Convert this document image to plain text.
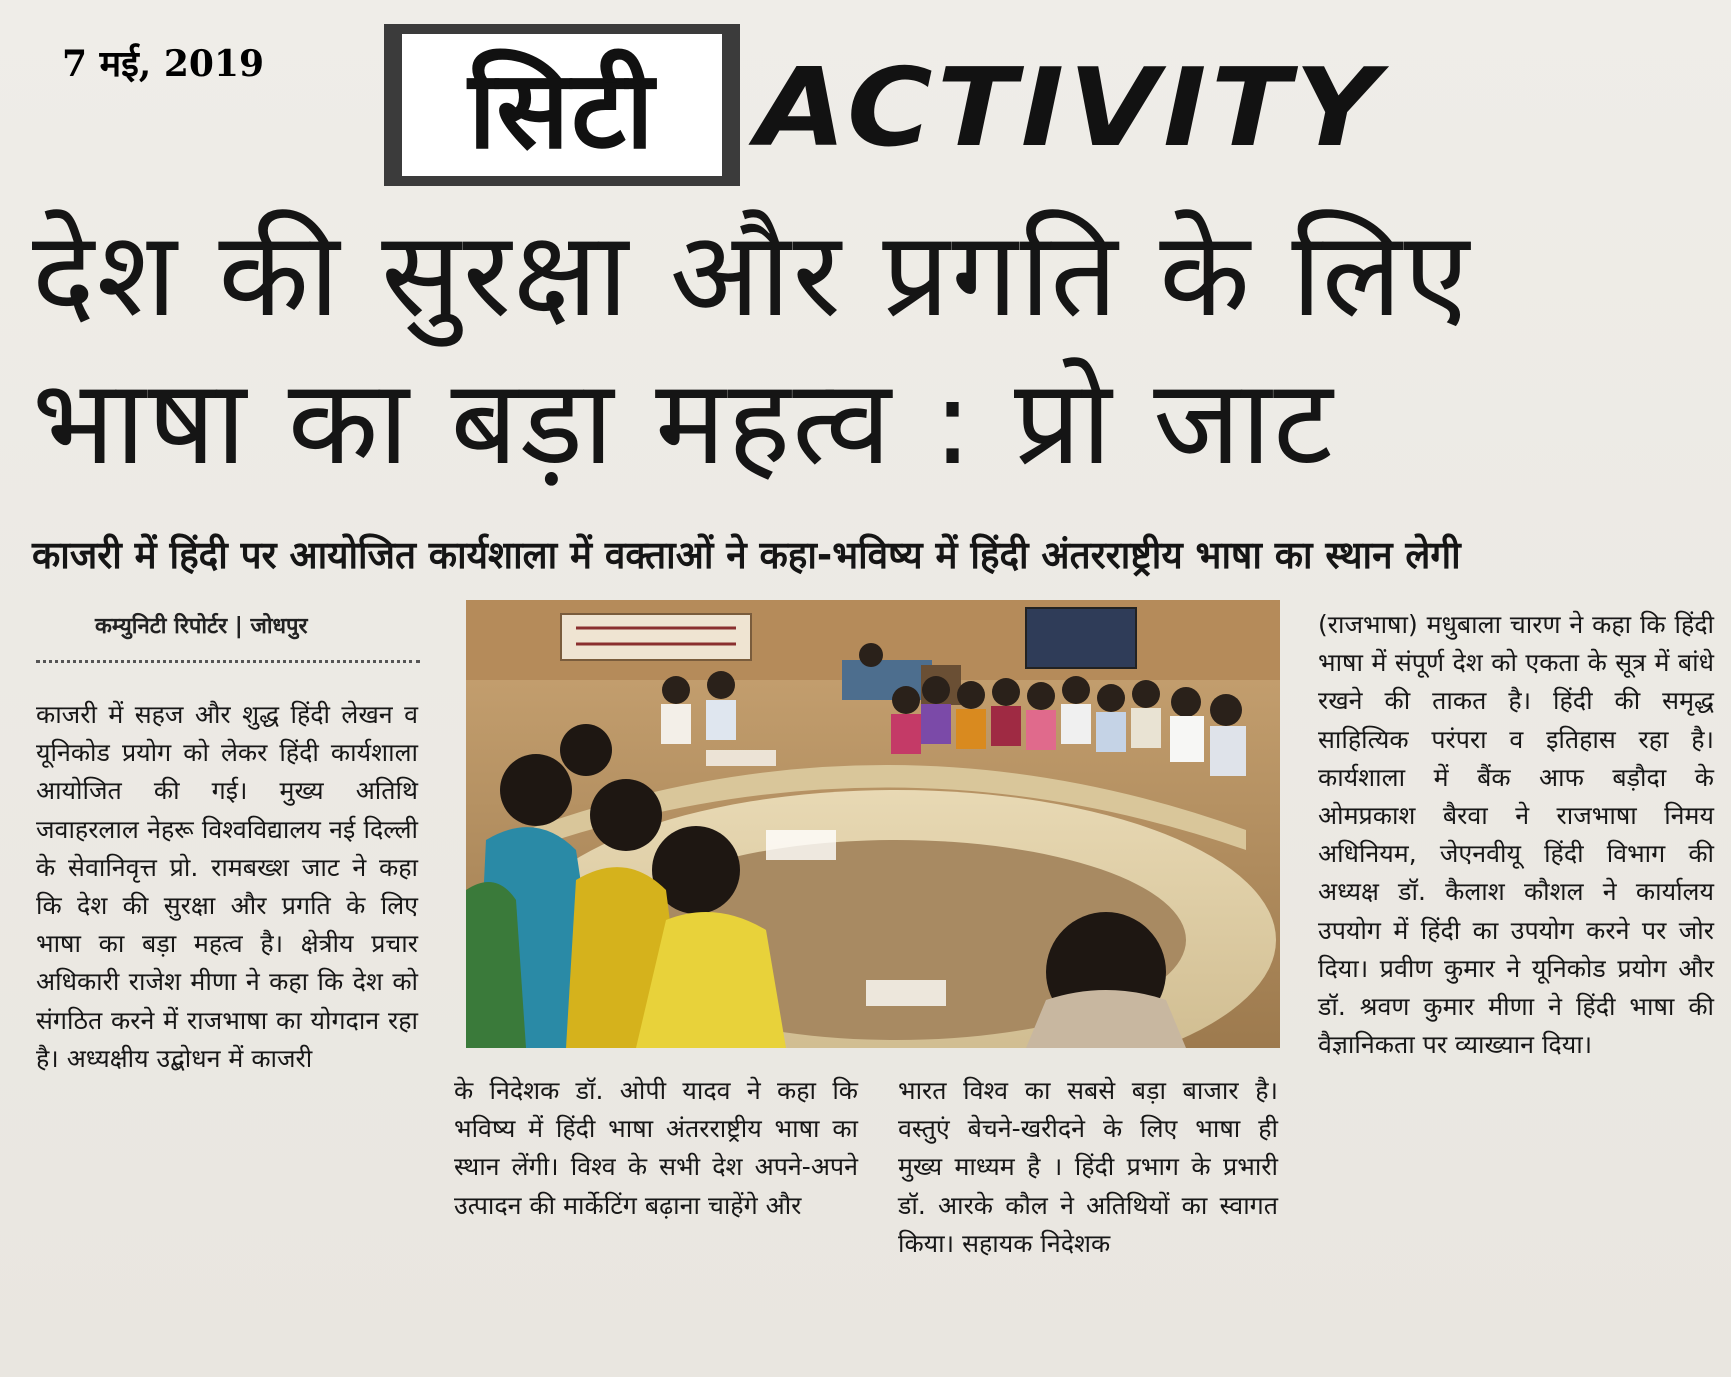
7 मई, 2019	सिटी ACTIVITY
देश की सुरक्षा और प्रगति के लिए
भाषा का बड़ा महत्व : प्रो जाट
काजरी में हिंदी पर आयोजित कार्यशाला में वक्ताओं ने कहा-भविष्य में हिंदी अंतरराष्ट्रीय भाषा का स्थान लेगी
कम्युनिटी रिपोर्टर | जोधपुर

काजरी में सहज और शुद्ध हिंदी लेखन व यूनिकोड प्रयोग को लेकर हिंदी कार्यशाला आयोजित की गई। मुख्य अतिथि जवाहरलाल नेहरू विश्वविद्यालय नई दिल्ली के सेवानिवृत्त प्रो. रामबख्श जाट ने कहा कि देश की सुरक्षा और प्रगति के लिए भाषा का बड़ा महत्व है। क्षेत्रीय प्रचार अधिकारी राजेश मीणा ने कहा कि देश को संगठित करने में राजभाषा का योगदान रहा है। अध्यक्षीय उद्बोधन में काजरी

के निदेशक डॉ. ओपी यादव ने कहा कि भविष्य में हिंदी भाषा अंतरराष्ट्रीय भाषा का स्थान लेंगी। विश्व के सभी देश अपने-अपने उत्पादन की मार्केटिंग बढ़ाना चाहेंगे और

भारत विश्व का सबसे बड़ा बाजार है। वस्तुएं बेचने-खरीदने के लिए भाषा ही मुख्य माध्यम है । हिंदी प्रभाग के प्रभारी डॉ. आरके कौल ने अतिथियों का स्वागत किया। सहायक निदेशक

(राजभाषा) मधुबाला चारण ने कहा कि हिंदी भाषा में संपूर्ण देश को एकता के सूत्र में बांधे रखने की ताकत है। हिंदी की समृद्ध साहित्यिक परंपरा व इतिहास रहा है। कार्यशाला में बैंक आफ बड़ौदा के ओमप्रकाश बैरवा ने राजभाषा निमय अधिनियम, जेएनवीयू हिंदी विभाग की अध्यक्ष डॉ. कैलाश कौशल ने कार्यालय उपयोग में हिंदी का उपयोग करने पर जोर दिया। प्रवीण कुमार ने यूनिकोड प्रयोग और डॉ. श्रवण कुमार मीणा ने हिंदी भाषा की वैज्ञानिकता पर व्याख्यान दिया।
